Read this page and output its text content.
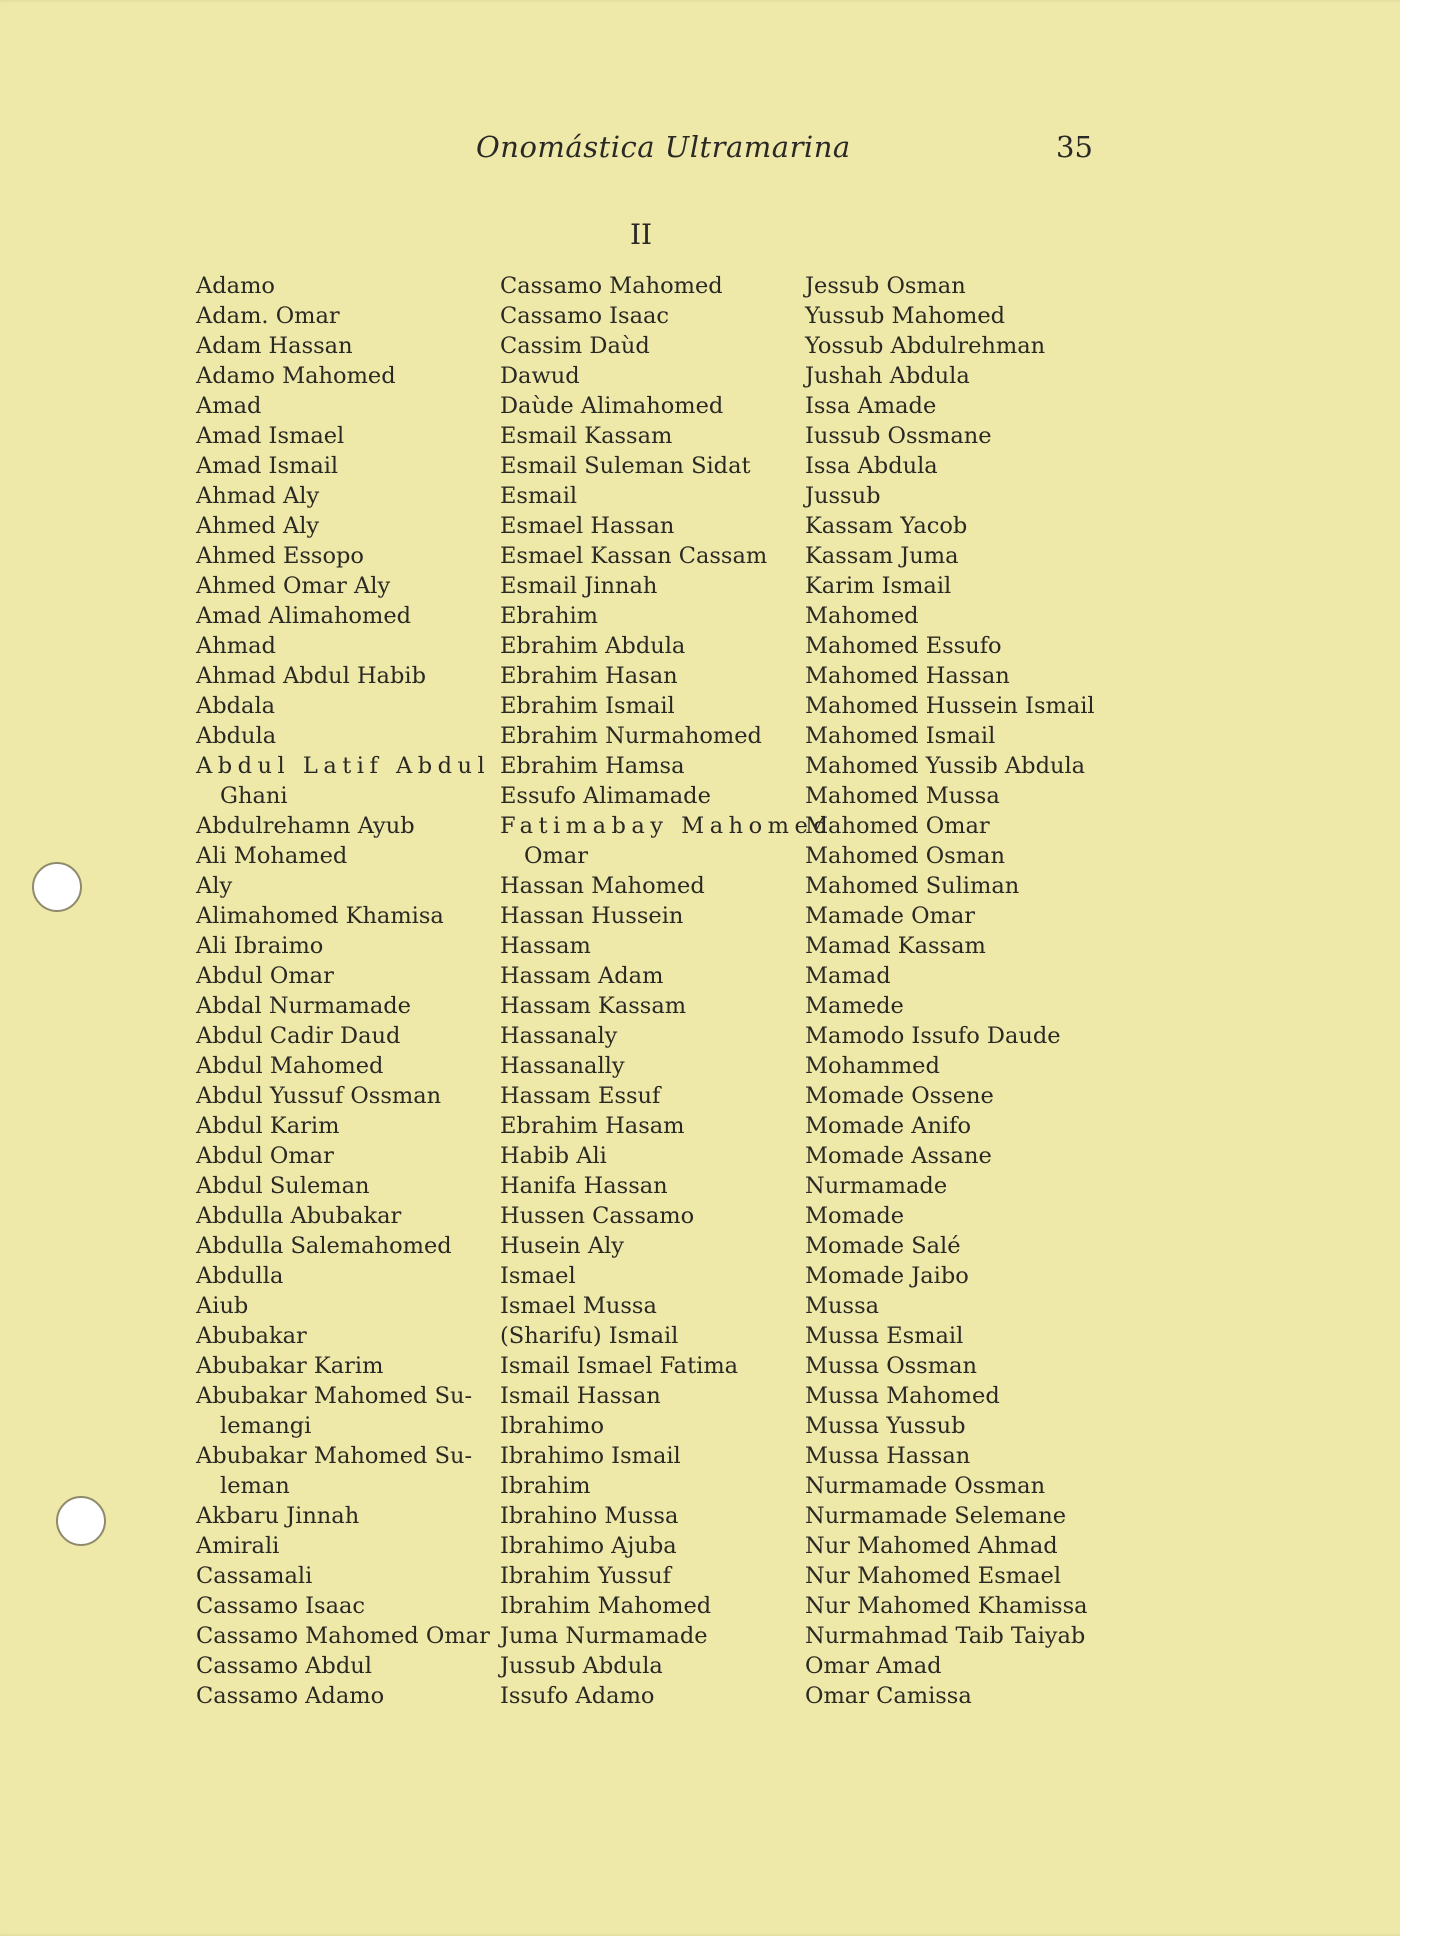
Onomástica Ultramarina	35
II
Adamo
Adam. Omar
Adam Hassan
Adamo Mahomed
Amad
Amad Ismael
Amad Ismail
Ahmad Aly
Ahmed Aly
Ahmed Essopo
Ahmed Omar Aly
Amad Alimahomed
Ahmad
Ahmad Abdul Habib
Abdala
Abdula
Abdul Latif Abdul
Ghani
Abdulrehamn Ayub
Ali Mohamed
Aly
Alimahomed Khamisa
Ali Ibraimo
Abdul Omar
Abdal Nurmamade
Abdul Cadir Daud
Abdul Mahomed
Abdul Yussuf Ossman
Abdul Karim
Abdul Omar
Abdul Suleman
Abdulla Abubakar
Abdulla Salemahomed
Abdulla
Aiub
Abubakar
Abubakar Karim
Abubakar Mahomed Su-
lemangi
Abubakar Mahomed Su-
leman
Akbaru Jinnah
Amirali
Cassamali
Cassamo Isaac
Cassamo Mahomed Omar
Cassamo Abdul
Cassamo Adamo
Cassamo Mahomed
Cassamo Isaac
Cassim Daùd
Dawud
Daùde Alimahomed
Esmail Kassam
Esmail Suleman Sidat
Esmail
Esmael Hassan
Esmael Kassan Cassam
Esmail Jinnah
Ebrahim
Ebrahim Abdula
Ebrahim Hasan
Ebrahim Ismail
Ebrahim Nurmahomed
Ebrahim Hamsa
Essufo Alimamade
Fatimabay Mahomed
Omar
Hassan Mahomed
Hassan Hussein
Hassam
Hassam Adam
Hassam Kassam
Hassanaly
Hassanally
Hassam Essuf
Ebrahim Hasam
Habib Ali
Hanifa Hassan
Hussen Cassamo
Husein Aly
Ismael
Ismael Mussa
(Sharifu) Ismail
Ismail Ismael Fatima
Ismail Hassan
Ibrahimo
Ibrahimo Ismail
Ibrahim
Ibrahino Mussa
Ibrahimo Ajuba
Ibrahim Yussuf
Ibrahim Mahomed
Juma Nurmamade
Jussub Abdula
Issufo Adamo
Jessub Osman
Yussub Mahomed
Yossub Abdulrehman
Jushah Abdula
Issa Amade
Iussub Ossmane
Issa Abdula
Jussub
Kassam Yacob
Kassam Juma
Karim Ismail
Mahomed
Mahomed Essufo
Mahomed Hassan
Mahomed Hussein Ismail
Mahomed Ismail
Mahomed Yussib Abdula
Mahomed Mussa
Mahomed Omar
Mahomed Osman
Mahomed Suliman
Mamade Omar
Mamad Kassam
Mamad
Mamede
Mamodo Issufo Daude
Mohammed
Momade Ossene
Momade Anifo
Momade Assane
Nurmamade
Momade
Momade Salé
Momade Jaibo
Mussa
Mussa Esmail
Mussa Ossman
Mussa Mahomed
Mussa Yussub
Mussa Hassan
Nurmamade Ossman
Nurmamade Selemane
Nur Mahomed Ahmad
Nur Mahomed Esmael
Nur Mahomed Khamissa
Nurmahmad Taib Taiyab
Omar Amad
Omar Camissa
